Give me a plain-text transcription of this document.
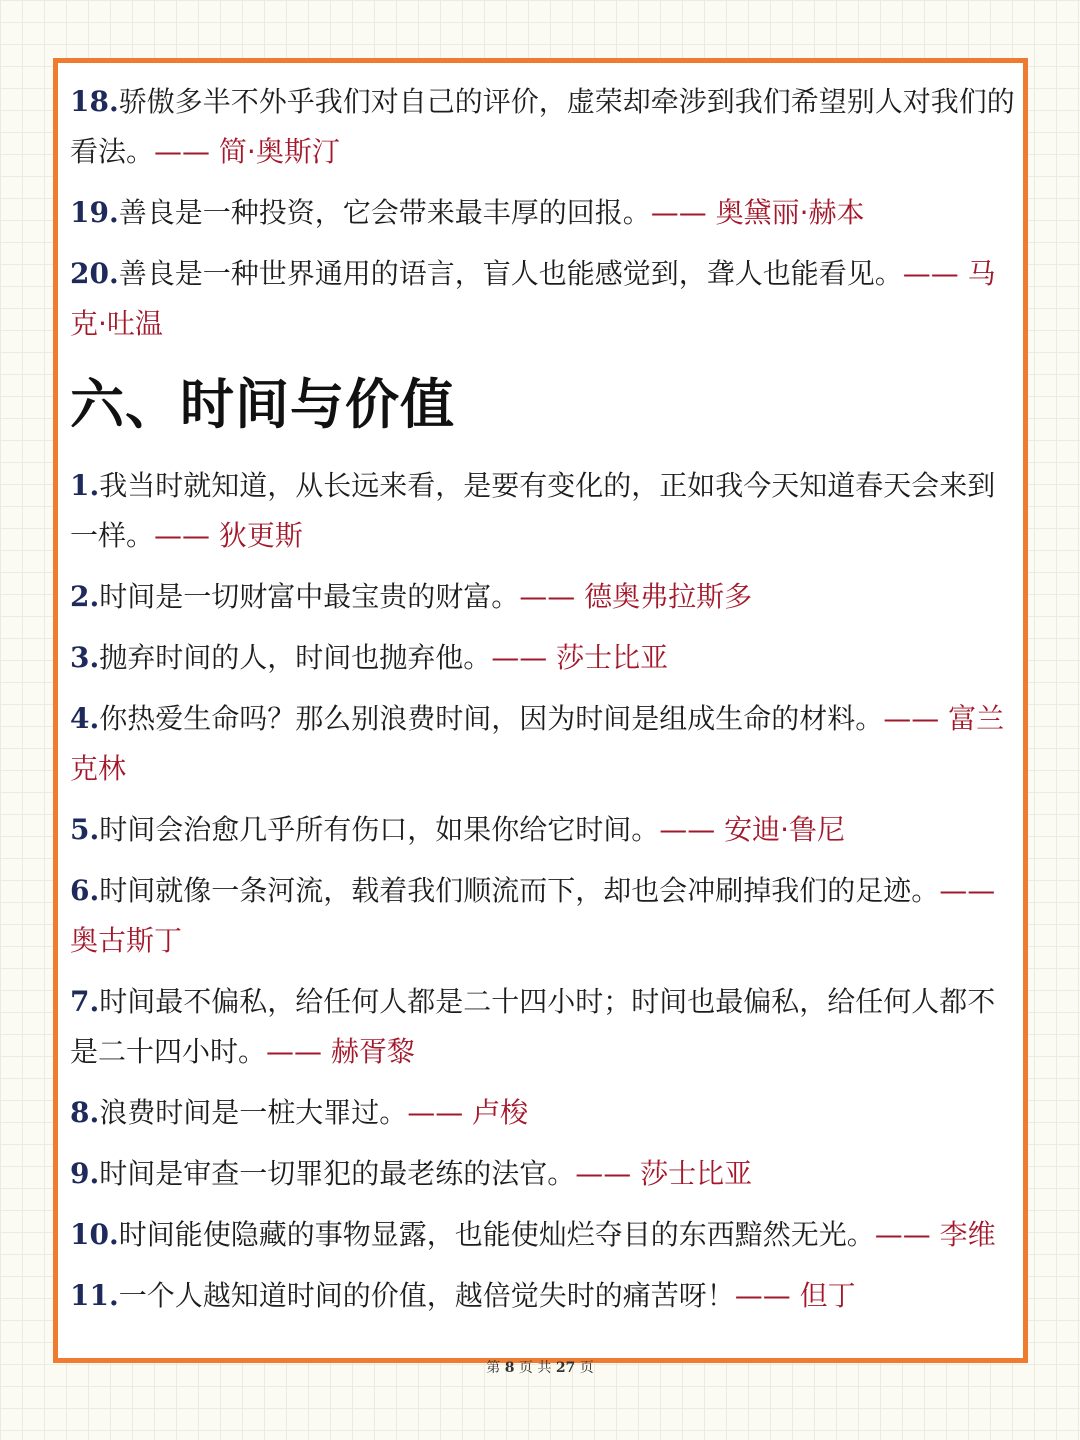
18.骄傲多半不外乎我们对自己的评价，虚荣却牵涉到我们希望别人对我们的看法。—— 简·奥斯汀

19.善良是一种投资，它会带来最丰厚的回报。—— 奥黛丽·赫本

20.善良是一种世界通用的语言，盲人也能感觉到，聋人也能看见。—— 马克·吐温

六、时间与价值

1.我当时就知道，从长远来看，是要有变化的，正如我今天知道春天会来到一样。—— 狄更斯

2.时间是一切财富中最宝贵的财富。—— 德奥弗拉斯多

3.抛弃时间的人，时间也抛弃他。—— 莎士比亚

4.你热爱生命吗？那么别浪费时间，因为时间是组成生命的材料。—— 富兰克林

5.时间会治愈几乎所有伤口，如果你给它时间。—— 安迪·鲁尼

6.时间就像一条河流，载着我们顺流而下，却也会冲刷掉我们的足迹。—— 奥古斯丁

7.时间最不偏私，给任何人都是二十四小时；时间也最偏私，给任何人都不是二十四小时。—— 赫胥黎

8.浪费时间是一桩大罪过。—— 卢梭

9.时间是审查一切罪犯的最老练的法官。—— 莎士比亚

10.时间能使隐藏的事物显露，也能使灿烂夺目的东西黯然无光。—— 李维

11.一个人越知道时间的价值，越倍觉失时的痛苦呀！—— 但丁

第 8 页 共 27 页
